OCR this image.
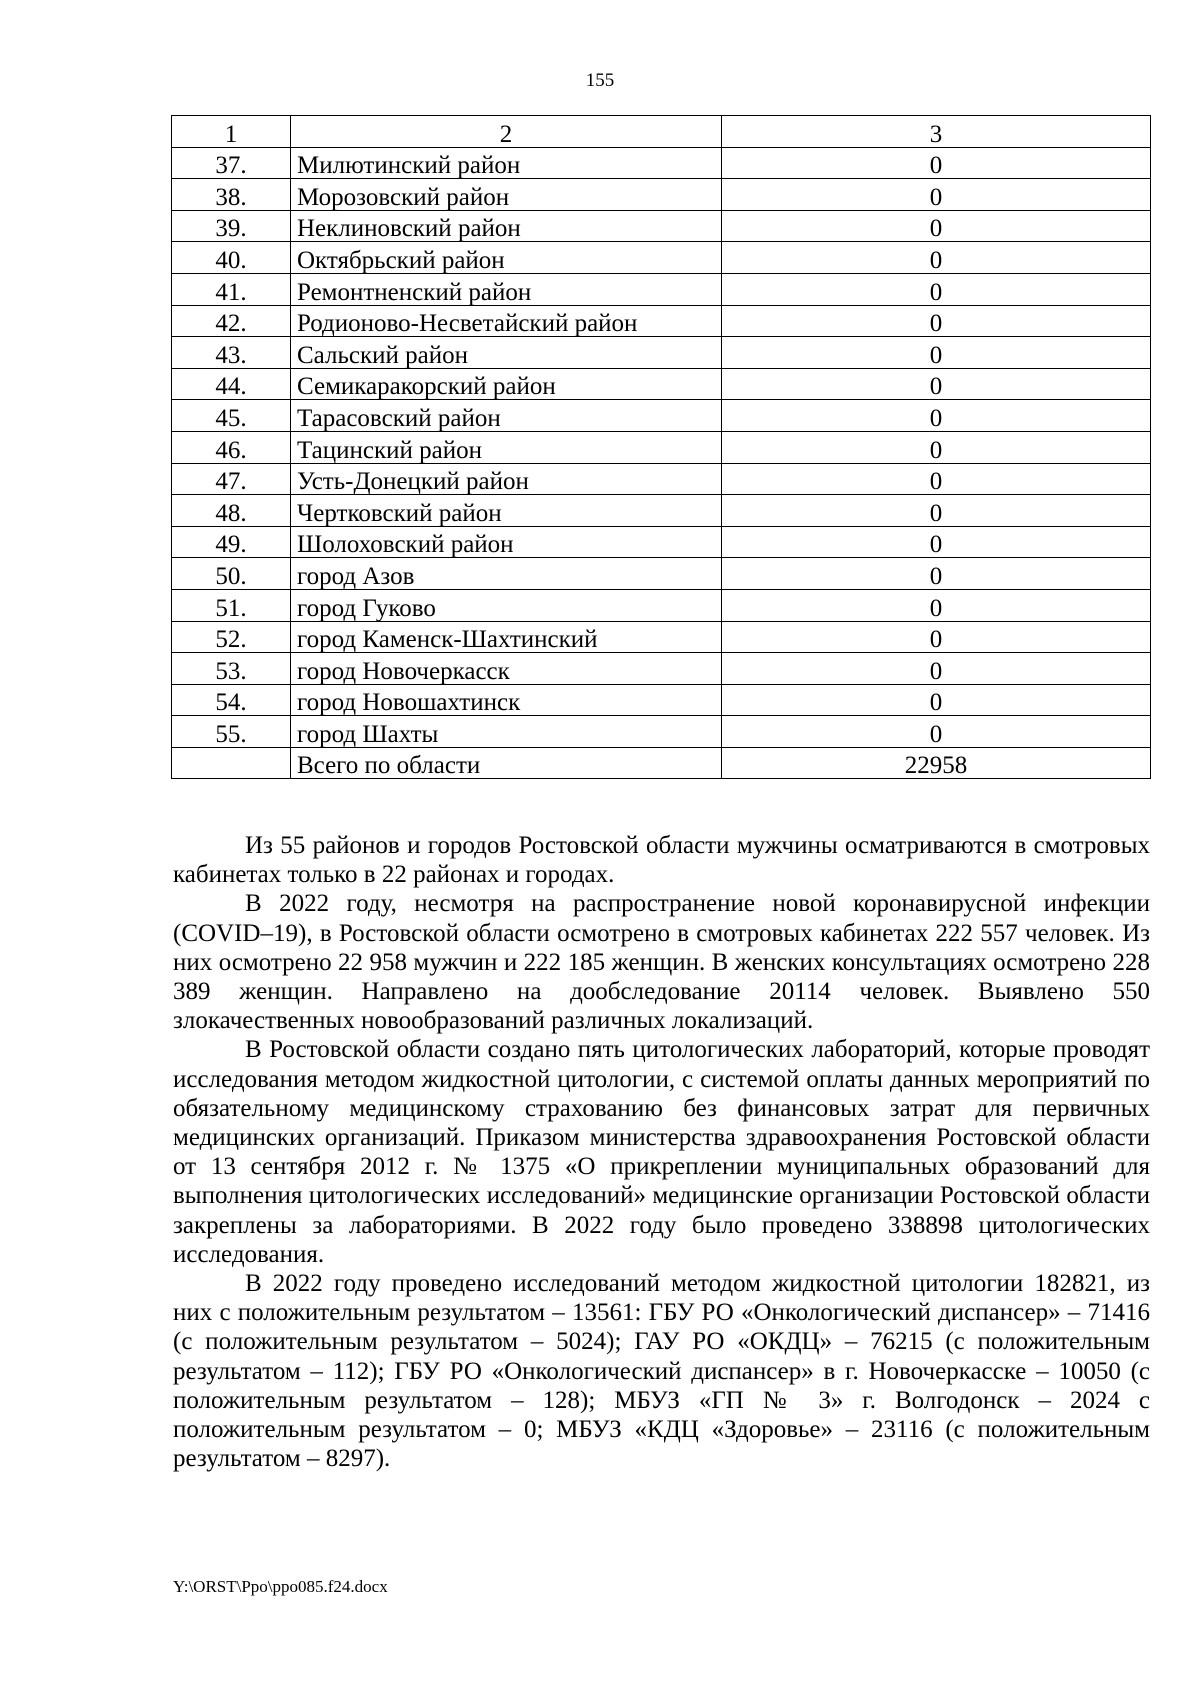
155
1	2	3
37.	Милютинский район	0
38.	Морозовский район	0
39.	Неклиновский район	0
40.	Октябрьский район	0
41.	Ремонтненский район	0
42.	Родионово-Несветайский район	0
43.	Сальский район	0
44.	Семикаракорский район	0
45.	Тарасовский район	0
46.	Тацинский район	0
47.	Усть-Донецкий район	0
48.	Чертковский район	0
49.	Шолоховский район	0
50.	город Азов	0
51.	город Гуково	0
52.	город Каменск-Шахтинский	0
53.	город Новочеркасск	0
54.	город Новошахтинск	0
55.	город Шахты	0
	Всего по области	22958

Из 55 районов и городов Ростовской области мужчины осматриваются в смотровых кабинетах только в 22 районах и городах.

В 2022 году, несмотря на распространение новой коронавирусной инфекции (COVID–19), в Ростовской области осмотрено в смотровых кабинетах 222 557 человек. Из них осмотрено 22 958 мужчин и 222 185 женщин. В женских консультациях осмотрено 228 389 женщин. Направлено на дообследование 20114 человек. Выявлено 550 злокачественных новообразований различных локализаций.

В Ростовской области создано пять цитологических лабораторий, которые проводят исследования методом жидкостной цитологии, с системой оплаты данных мероприятий по обязательному медицинскому страхованию без финансовых затрат для первичных медицинских организаций. Приказом министерства здравоохранения Ростовской области от 13 сентября 2012 г. № 1375 «О прикреплении муниципальных образований для выполнения цитологических исследований» медицинские организации Ростовской области закреплены за лабораториями. В 2022 году было проведено 338898 цитологических исследования.

В 2022 году проведено исследований методом жидкостной цитологии 182821, из них с положительным результатом – 13561: ГБУ РО «Онкологический диспансер» – 71416 (с положительным результатом – 5024); ГАУ РО «ОКДЦ» – 76215 (с положительным результатом – 112); ГБУ РО «Онкологический диспансер» в г. Новочеркасске – 10050 (с положительным результатом – 128); МБУЗ «ГП № 3» г. Волгодонск – 2024 с положительным результатом – 0; МБУЗ «КДЦ «Здоровье» – 23116 (с положительным результатом – 8297).

Y:\ORST\Ppo\ppo085.f24.docx
